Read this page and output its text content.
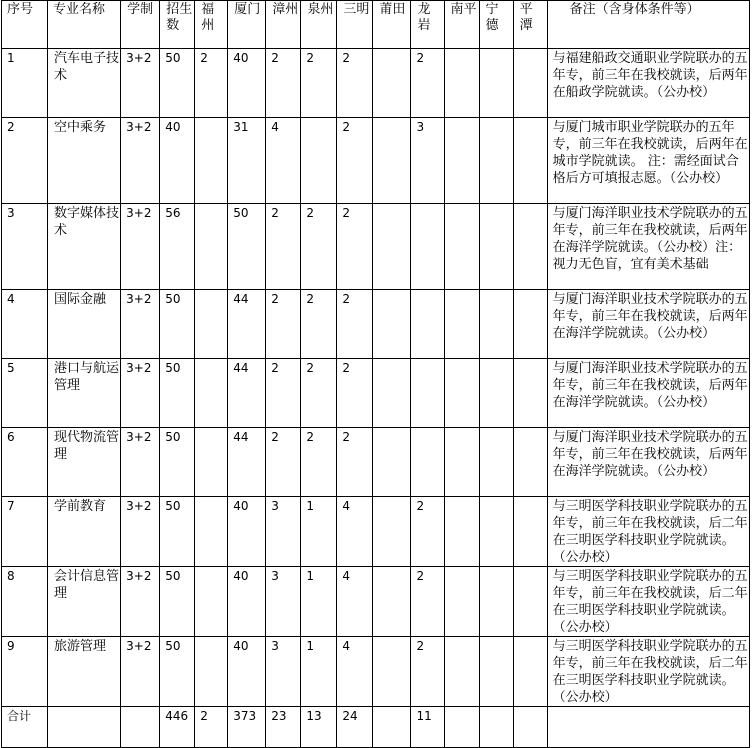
序号	专业名称	学制	招生数	福州	厦门	漳州	泉州	三明	莆田	龙岩	南平	宁德	平潭	备注（含身体条件等）
1	汽车电子技术	3+2	50	2	40	2	2	2		2				与福建船政交通职业学院联办的五年专，前三年在我校就读，后两年在船政学院就读。（公办校）
2	空中乘务	3+2	40		31	4		2		3				与厦门城市职业学院联办的五年专，前三年在我校就读，后两年在城市学院就读。 注：需经面试合格后方可填报志愿。（公办校）
3	数字媒体技术	3+2	56		50	2	2	2						与厦门海洋职业技术学院联办的五年专，前三年在我校就读，后两年在海洋学院就读。（公办校）注：视力无色盲，宜有美术基础
4	国际金融	3+2	50		44	2	2	2						与厦门海洋职业技术学院联办的五年专，前三年在我校就读，后两年在海洋学院就读。（公办校）
5	港口与航运管理	3+2	50		44	2	2	2						与厦门海洋职业技术学院联办的五年专，前三年在我校就读，后两年在海洋学院就读。（公办校）
6	现代物流管理	3+2	50		44	2	2	2						与厦门海洋职业技术学院联办的五年专，前三年在我校就读，后两年在海洋学院就读。（公办校）
7	学前教育	3+2	50		40	3	1	4		2				与三明医学科技职业学院联办的五年专，前三年在我校就读，后二年在三明医学科技职业学院就读。（公办校）
8	会计信息管理	3+2	50		40	3	1	4		2				与三明医学科技职业学院联办的五年专，前三年在我校就读，后二年在三明医学科技职业学院就读。（公办校）
9	旅游管理	3+2	50		40	3	1	4		2				与三明医学科技职业学院联办的五年专，前三年在我校就读，后二年在三明医学科技职业学院就读。（公办校）
合计			446	2	373	23	13	24		11				
